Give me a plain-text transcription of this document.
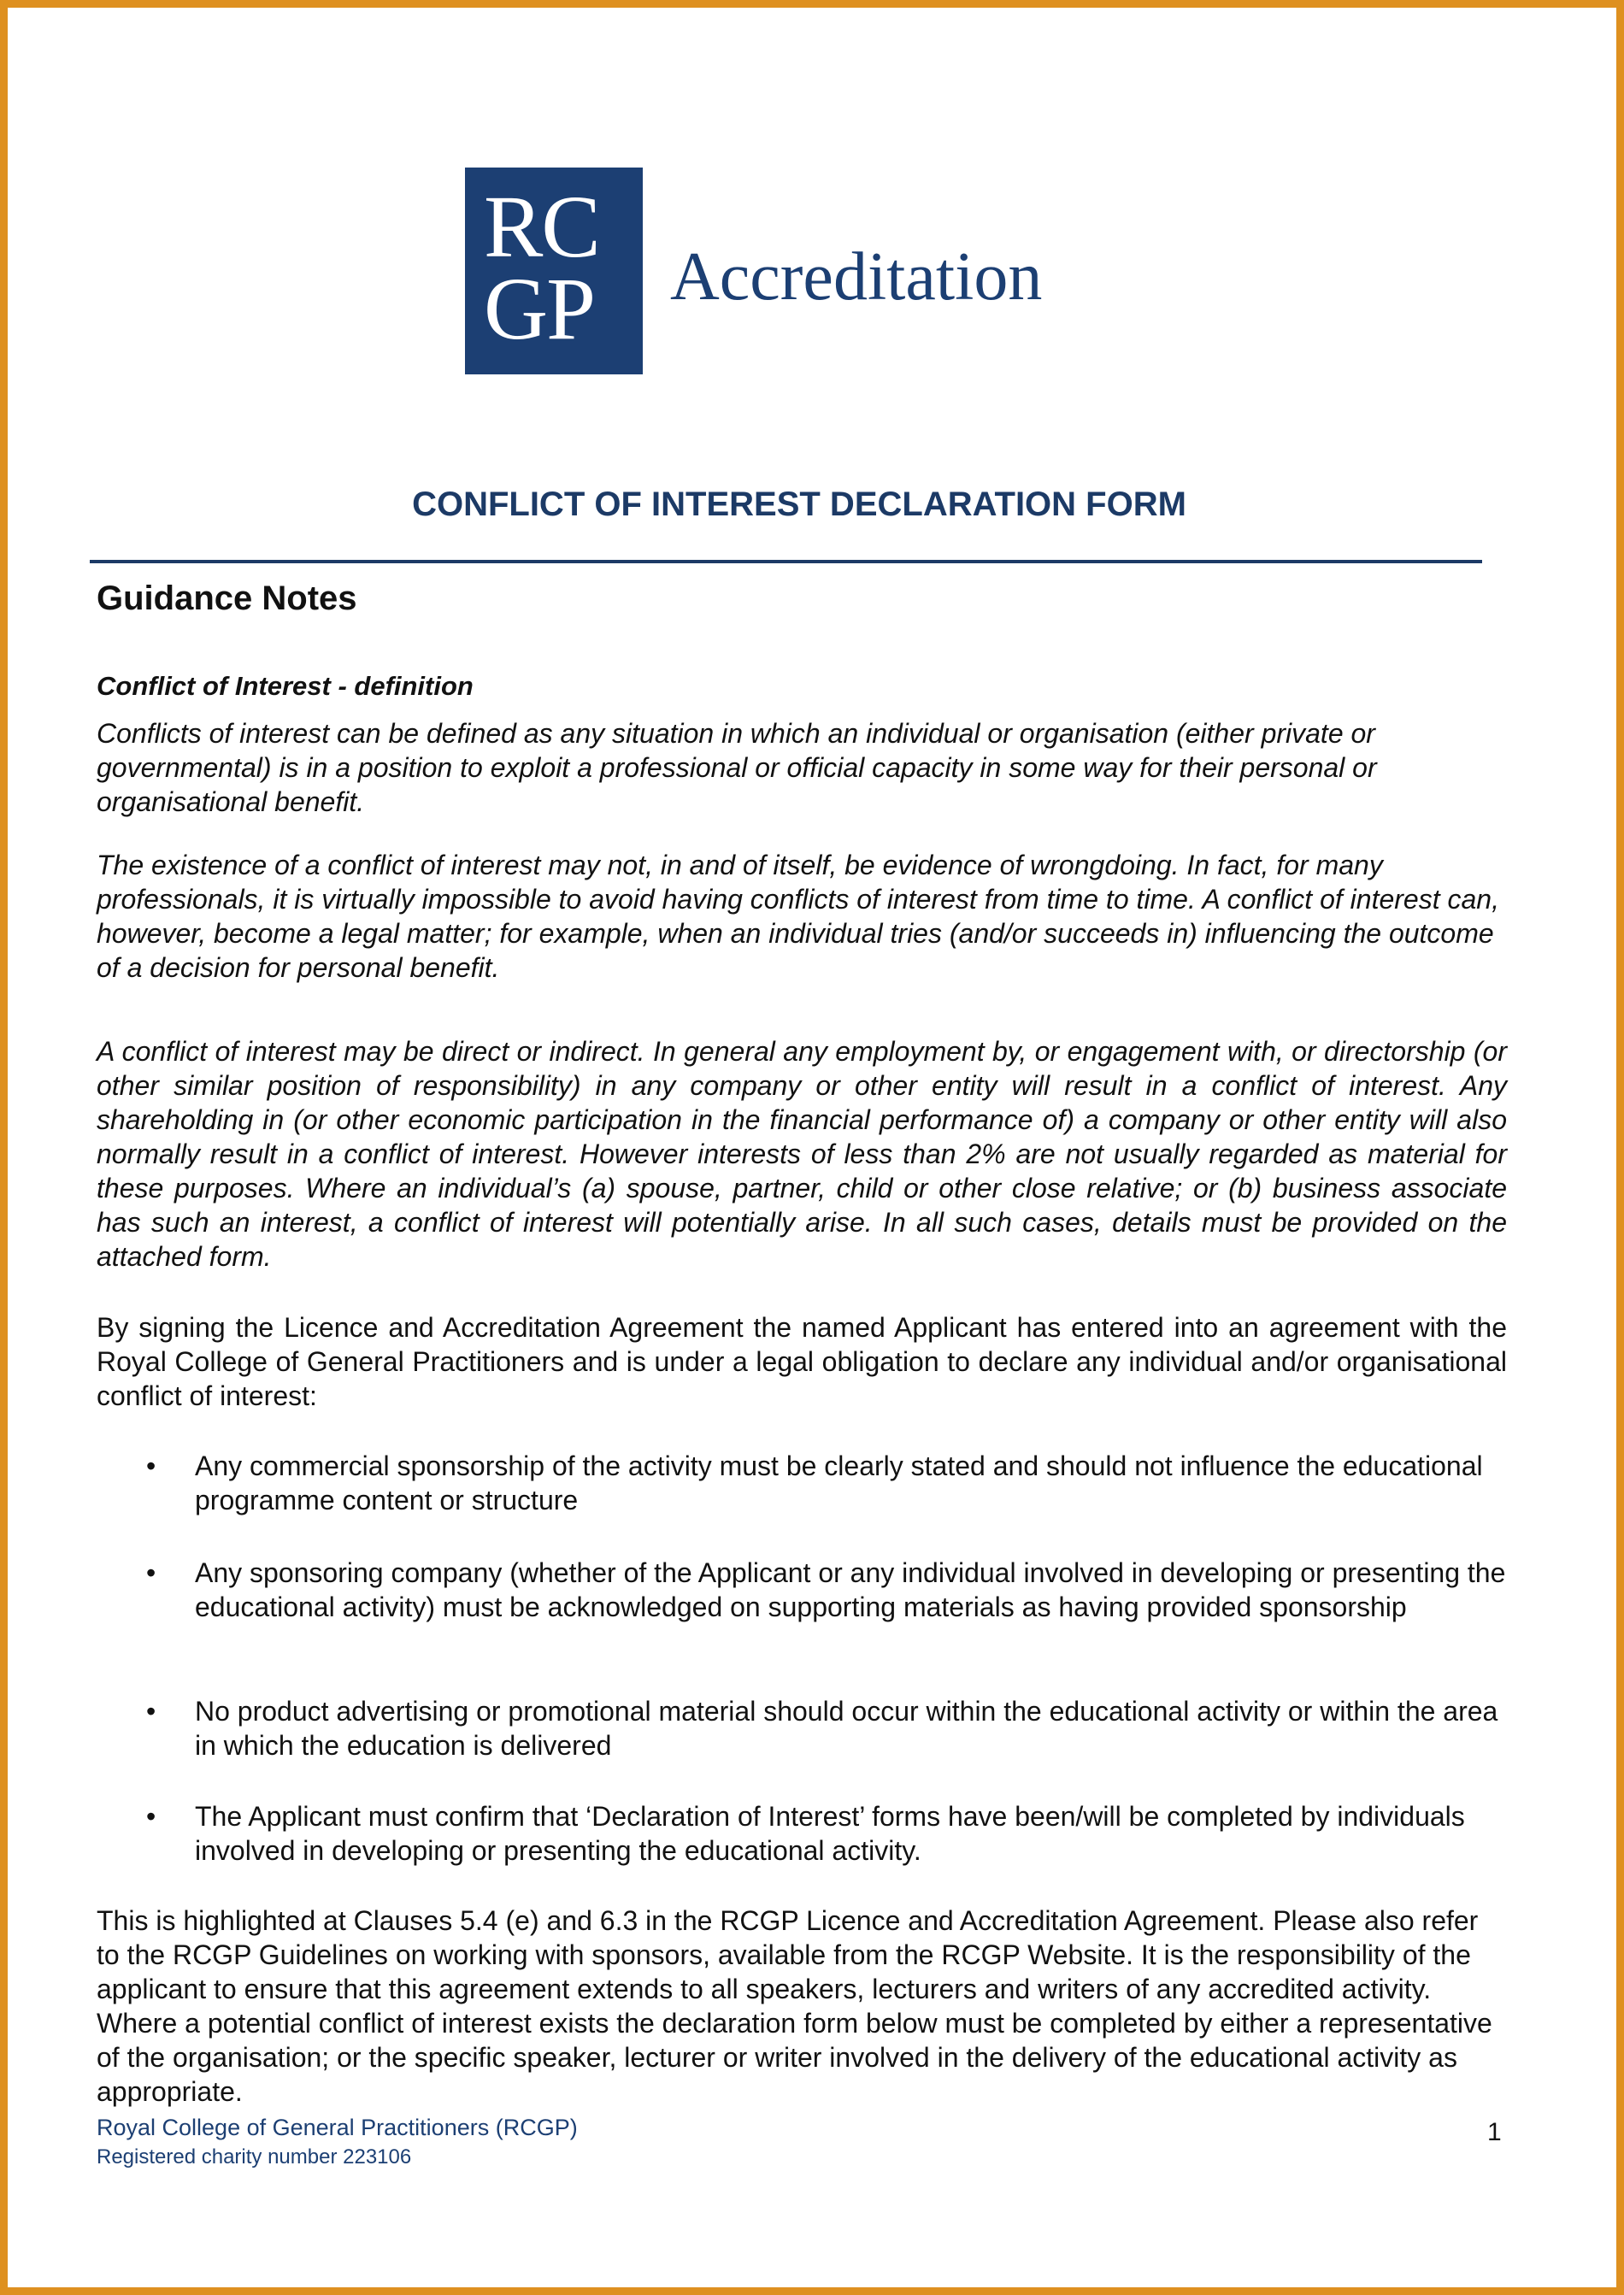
RC
GP	Accreditation
CONFLICT OF INTEREST DECLARATION FORM
Guidance Notes
Conflict of Interest - definition
Conflicts of interest can be defined as any situation in which an individual or organisation (either private or governmental) is in a position to exploit a professional or official capacity in some way for their personal or organisational benefit.
The existence of a conflict of interest may not, in and of itself, be evidence of wrongdoing. In fact, for many professionals, it is virtually impossible to avoid having conflicts of interest from time to time. A conflict of interest can, however, become a legal matter; for example, when an individual tries (and/or succeeds in) influencing the outcome of a decision for personal benefit.
A conflict of interest may be direct or indirect. In general any employment by, or engagement with, or directorship (or other similar position of responsibility) in any company or other entity will result in a conflict of interest. Any shareholding in (or other economic participation in the financial performance of) a company or other entity will also normally result in a conflict of interest. However interests of less than 2% are not usually regarded as material for these purposes. Where an individual’s (a) spouse, partner, child or other close relative; or (b) business associate has such an interest, a conflict of interest will potentially arise. In all such cases, details must be provided on the attached form.
By signing the Licence and Accreditation Agreement the named Applicant has entered into an agreement with the Royal College of General Practitioners and is under a legal obligation to declare any individual and/or organisational conflict of interest:
• Any commercial sponsorship of the activity must be clearly stated and should not influence the educational programme content or structure
• Any sponsoring company (whether of the Applicant or any individual involved in developing or presenting the educational activity) must be acknowledged on supporting materials as having provided sponsorship
• No product advertising or promotional material should occur within the educational activity or within the area in which the education is delivered
• The Applicant must confirm that ‘Declaration of Interest’ forms have been/will be completed by individuals involved in developing or presenting the educational activity.
This is highlighted at Clauses 5.4 (e) and 6.3 in the RCGP Licence and Accreditation Agreement. Please also refer to the RCGP Guidelines on working with sponsors, available from the RCGP Website. It is the responsibility of the applicant to ensure that this agreement extends to all speakers, lecturers and writers of any accredited activity. Where a potential conflict of interest exists the declaration form below must be completed by either a representative of the organisation; or the specific speaker, lecturer or writer involved in the delivery of the educational activity as appropriate.
Royal College of General Practitioners (RCGP)
Registered charity number 223106
1
